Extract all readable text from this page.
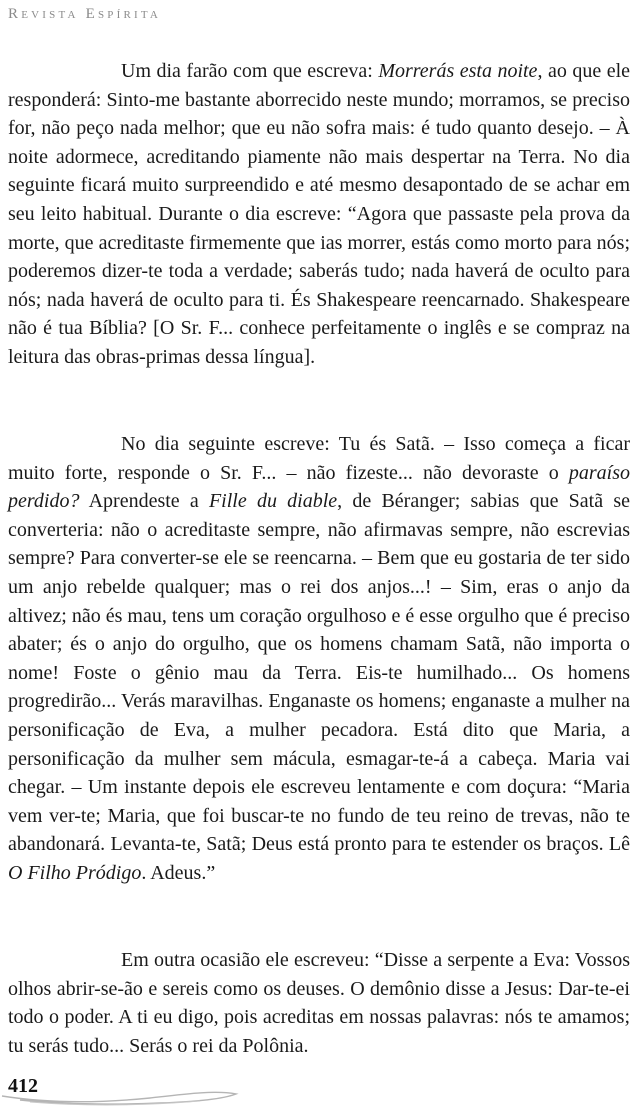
Revista Espírita

Um dia farão com que escreva: Morrerás esta noite, ao que ele responderá: Sinto-me bastante aborrecido neste mundo; morramos, se preciso for, não peço nada melhor; que eu não sofra mais: é tudo quanto desejo. – À noite adormece, acreditando piamente não mais despertar na Terra. No dia seguinte ficará muito surpreendido e até mesmo desapontado de se achar em seu leito habitual. Durante o dia escreve: “Agora que passaste pela prova da morte, que acreditaste firmemente que ias morrer, estás como morto para nós; poderemos dizer-te toda a verdade; saberás tudo; nada haverá de oculto para nós; nada haverá de oculto para ti. És Shakespeare reencarnado. Shakespeare não é tua Bíblia? [O Sr. F... conhece perfeitamente o inglês e se compraz na leitura das obras-primas dessa língua].

No dia seguinte escreve: Tu és Satã. – Isso começa a ficar muito forte, responde o Sr. F... – não fizeste... não devoraste o paraíso perdido? Aprendeste a Fille du diable, de Béranger; sabias que Satã se converteria: não o acreditaste sempre, não afirmavas sempre, não escrevias sempre? Para converter-se ele se reencarna. – Bem que eu gostaria de ter sido um anjo rebelde qualquer; mas o rei dos anjos...! – Sim, eras o anjo da altivez; não és mau, tens um coração orgulhoso e é esse orgulho que é preciso abater; és o anjo do orgulho, que os homens chamam Satã, não importa o nome! Foste o gênio mau da Terra. Eis-te humilhado... Os homens progredirão... Verás maravilhas. Enganaste os homens; enganaste a mulher na personificação de Eva, a mulher pecadora. Está dito que Maria, a personificação da mulher sem mácula, esmagar-te-á a cabeça. Maria vai chegar. – Um instante depois ele escreveu lentamente e com doçura: “Maria vem ver-te; Maria, que foi buscar-te no fundo de teu reino de trevas, não te abandonará. Levanta-te, Satã; Deus está pronto para te estender os braços. Lê O Filho Pródigo. Adeus.”

Em outra ocasião ele escreveu: “Disse a serpente a Eva: Vossos olhos abrir-se-ão e sereis como os deuses. O demônio disse a Jesus: Dar-te-ei todo o poder. A ti eu digo, pois acreditas em nossas palavras: nós te amamos; tu serás tudo... Serás o rei da Polônia.

412
